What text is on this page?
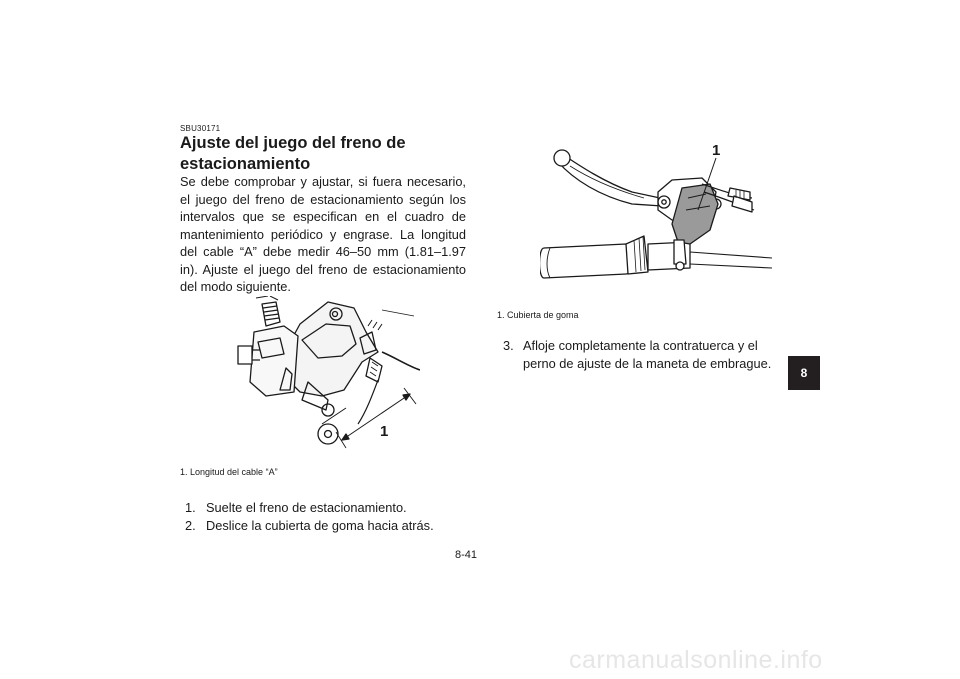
SBU30171
Ajuste del juego del freno de estacionamiento
Se debe comprobar y ajustar, si fuera necesario, el juego del freno de estacionamiento según los intervalos que se especifican en el cuadro de mantenimiento periódico y engrase. La longitud del cable “A” debe medir 46–50 mm (1.81–1.97 in). Ajuste el juego del freno de estacionamiento del modo siguiente.
1
1. Longitud del cable “A”
1. Suelte el freno de estacionamiento.
2. Deslice la cubierta de goma hacia atrás.
1
1. Cubierta de goma
3. Afloje completamente la contratuerca y el perno de ajuste de la maneta de embrague.
8
8-41
carmanualsonline.info
